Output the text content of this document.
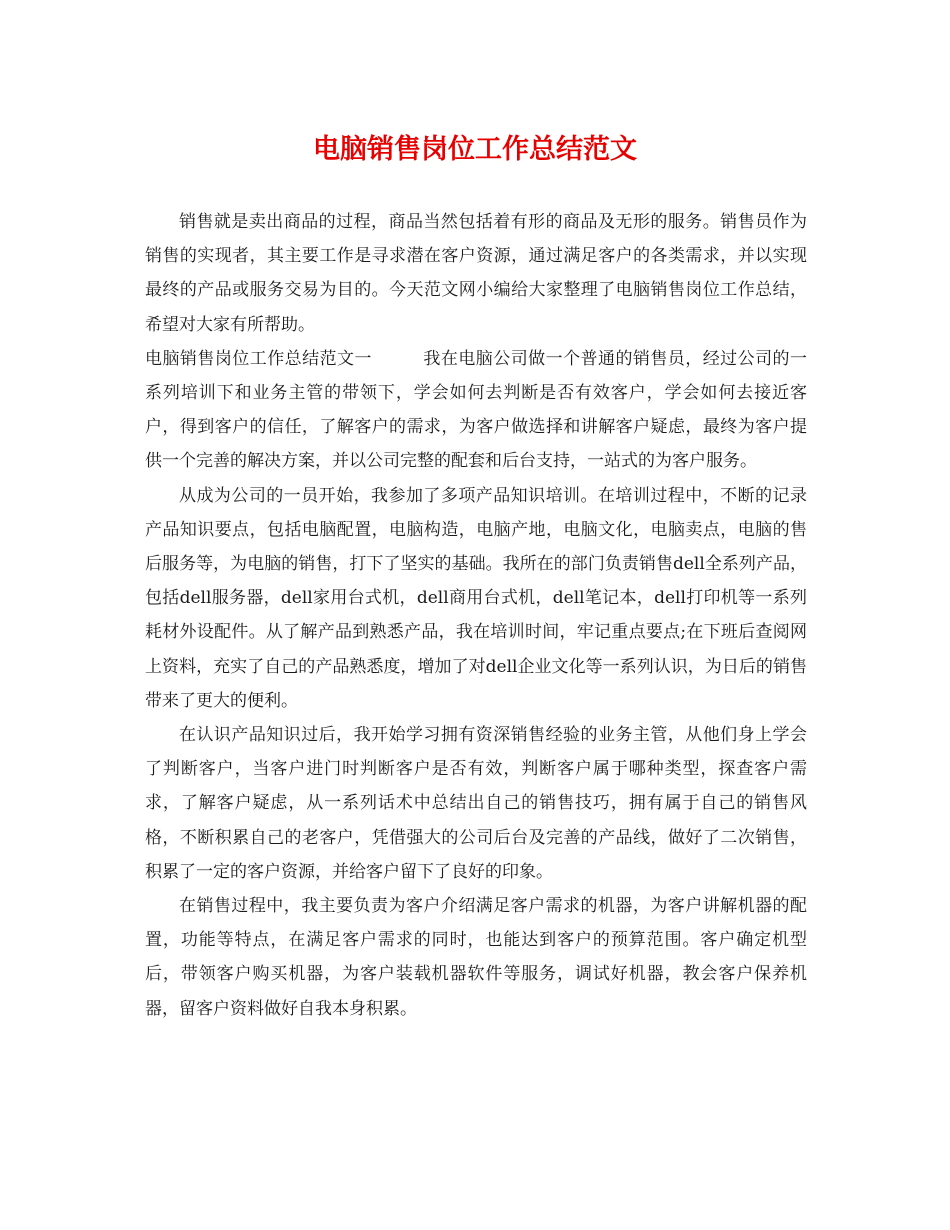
电脑销售岗位工作总结范文

销售就是卖出商品的过程，商品当然包括着有形的商品及无形的服务。销售员作为销售的实现者，其主要工作是寻求潜在客户资源，通过满足客户的各类需求，并以实现最终的产品或服务交易为目的。今天范文网小编给大家整理了电脑销售岗位工作总结，希望对大家有所帮助。

电脑销售岗位工作总结范文一	我在电脑公司做一个普通的销售员，经过公司的一系列培训下和业务主管的带领下，学会如何去判断是否有效客户，学会如何去接近客户，得到客户的信任，了解客户的需求，为客户做选择和讲解客户疑虑，最终为客户提供一个完善的解决方案，并以公司完整的配套和后台支持，一站式的为客户服务。

从成为公司的一员开始，我参加了多项产品知识培训。在培训过程中，不断的记录产品知识要点，包括电脑配置，电脑构造，电脑产地，电脑文化，电脑卖点，电脑的售后服务等，为电脑的销售，打下了坚实的基础。我所在的部门负责销售dell全系列产品，包括dell服务器，dell家用台式机，dell商用台式机，dell笔记本，dell打印机等一系列耗材外设配件。从了解产品到熟悉产品，我在培训时间，牢记重点要点;在下班后查阅网上资料，充实了自己的产品熟悉度，增加了对dell企业文化等一系列认识，为日后的销售带来了更大的便利。

在认识产品知识过后，我开始学习拥有资深销售经验的业务主管，从他们身上学会了判断客户，当客户进门时判断客户是否有效，判断客户属于哪种类型，探查客户需求，了解客户疑虑，从一系列话术中总结出自己的销售技巧，拥有属于自己的销售风格，不断积累自己的老客户，凭借强大的公司后台及完善的产品线，做好了二次销售，积累了一定的客户资源，并给客户留下了良好的印象。

在销售过程中，我主要负责为客户介绍满足客户需求的机器，为客户讲解机器的配置，功能等特点，在满足客户需求的同时，也能达到客户的预算范围。客户确定机型后，带领客户购买机器，为客户装载机器软件等服务，调试好机器，教会客户保养机器，留客户资料做好自我本身积累。
